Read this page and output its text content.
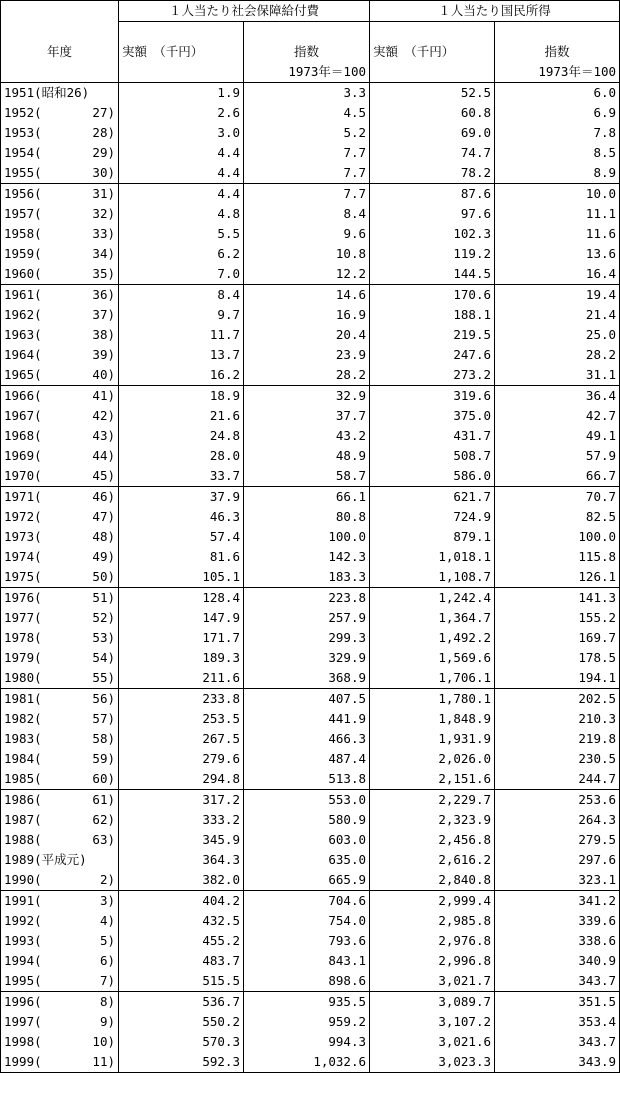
	１人当たり社会保障給付費		１人当たり国民所得	

年度	実額　（千円）	指数	実額　（千円）	指数
		1973年＝100		1973年＝100

1951(昭和26)	1.9	3.3	52.5	6.0

1952( 27)	2.6	4.5	60.8	6.9

1953( 28)	3.0	5.2	69.0	7.8

1954( 29)	4.4	7.7	74.7	8.5

1955( 30)	4.4	7.7	78.2	8.9

1956( 31)	4.4	7.7	87.6	10.0

1957( 32)	4.8	8.4	97.6	11.1

1958( 33)	5.5	9.6	102.3	11.6

1959( 34)	6.2	10.8	119.2	13.6

1960( 35)	7.0	12.2	144.5	16.4

1961( 36)	8.4	14.6	170.6	19.4

1962( 37)	9.7	16.9	188.1	21.4

1963( 38)	11.7	20.4	219.5	25.0

1964( 39)	13.7	23.9	247.6	28.2

1965( 40)	16.2	28.2	273.2	31.1

1966( 41)	18.9	32.9	319.6	36.4

1967( 42)	21.6	37.7	375.0	42.7

1968( 43)	24.8	43.2	431.7	49.1

1969( 44)	28.0	48.9	508.7	57.9

1970( 45)	33.7	58.7	586.0	66.7

1971( 46)	37.9	66.1	621.7	70.7

1972( 47)	46.3	80.8	724.9	82.5

1973( 48)	57.4	100.0	879.1	100.0

1974( 49)	81.6	142.3	1,018.1	115.8

1975( 50)	105.1	183.3	1,108.7	126.1

1976( 51)	128.4	223.8	1,242.4	141.3

1977( 52)	147.9	257.9	1,364.7	155.2

1978( 53)	171.7	299.3	1,492.2	169.7

1979( 54)	189.3	329.9	1,569.6	178.5

1980( 55)	211.6	368.9	1,706.1	194.1

1981( 56)	233.8	407.5	1,780.1	202.5

1982( 57)	253.5	441.9	1,848.9	210.3

1983( 58)	267.5	466.3	1,931.9	219.8

1984( 59)	279.6	487.4	2,026.0	230.5

1985( 60)	294.8	513.8	2,151.6	244.7

1986( 61)	317.2	553.0	2,229.7	253.6

1987( 62)	333.2	580.9	2,323.9	264.3

1988( 63)	345.9	603.0	2,456.8	279.5

1989(平成元)	364.3	635.0	2,616.2	297.6

1990( 2)	382.0	665.9	2,840.8	323.1

1991( 3)	404.2	704.6	2,999.4	341.2

1992( 4)	432.5	754.0	2,985.8	339.6

1993( 5)	455.2	793.6	2,976.8	338.6

1994( 6)	483.7	843.1	2,996.8	340.9

1995( 7)	515.5	898.6	3,021.7	343.7

1996( 8)	536.7	935.5	3,089.7	351.5

1997( 9)	550.2	959.2	3,107.2	353.4

1998( 10)	570.3	994.3	3,021.6	343.7

1999( 11)	592.3	1,032.6	3,023.3	343.9
